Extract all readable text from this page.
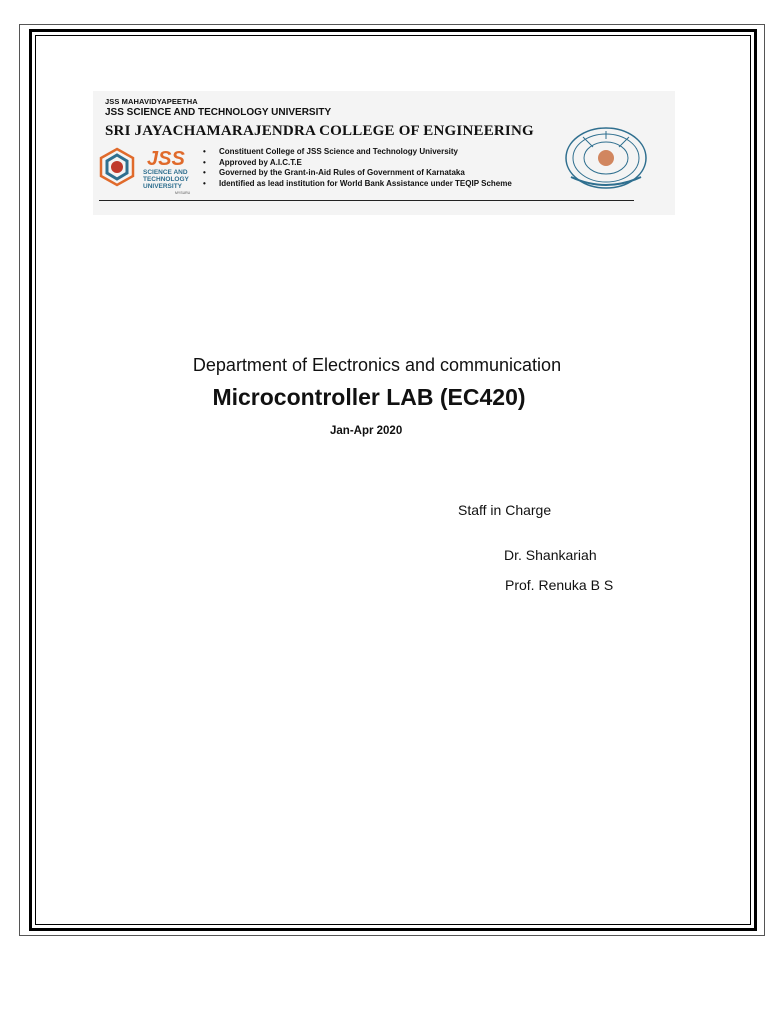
JSS MAHAVIDYAPEETHA
JSS SCIENCE AND TECHNOLOGY UNIVERSITY
SRI JAYACHAMARAJENDRA COLLEGE OF ENGINEERING
JSS
SCIENCE AND
TECHNOLOGY
UNIVERSITY
MYSURU
• Constituent College of JSS Science and Technology University
• Approved by A.I.C.T.E
• Governed by the Grant-in-Aid Rules of Government of Karnataka
• Identified as lead institution for World Bank Assistance under TEQIP Scheme
Department of Electronics and communication
Microcontroller LAB (EC420)
Jan-Apr 2020
Staff in Charge
Dr. Shankariah
Prof. Renuka B S
